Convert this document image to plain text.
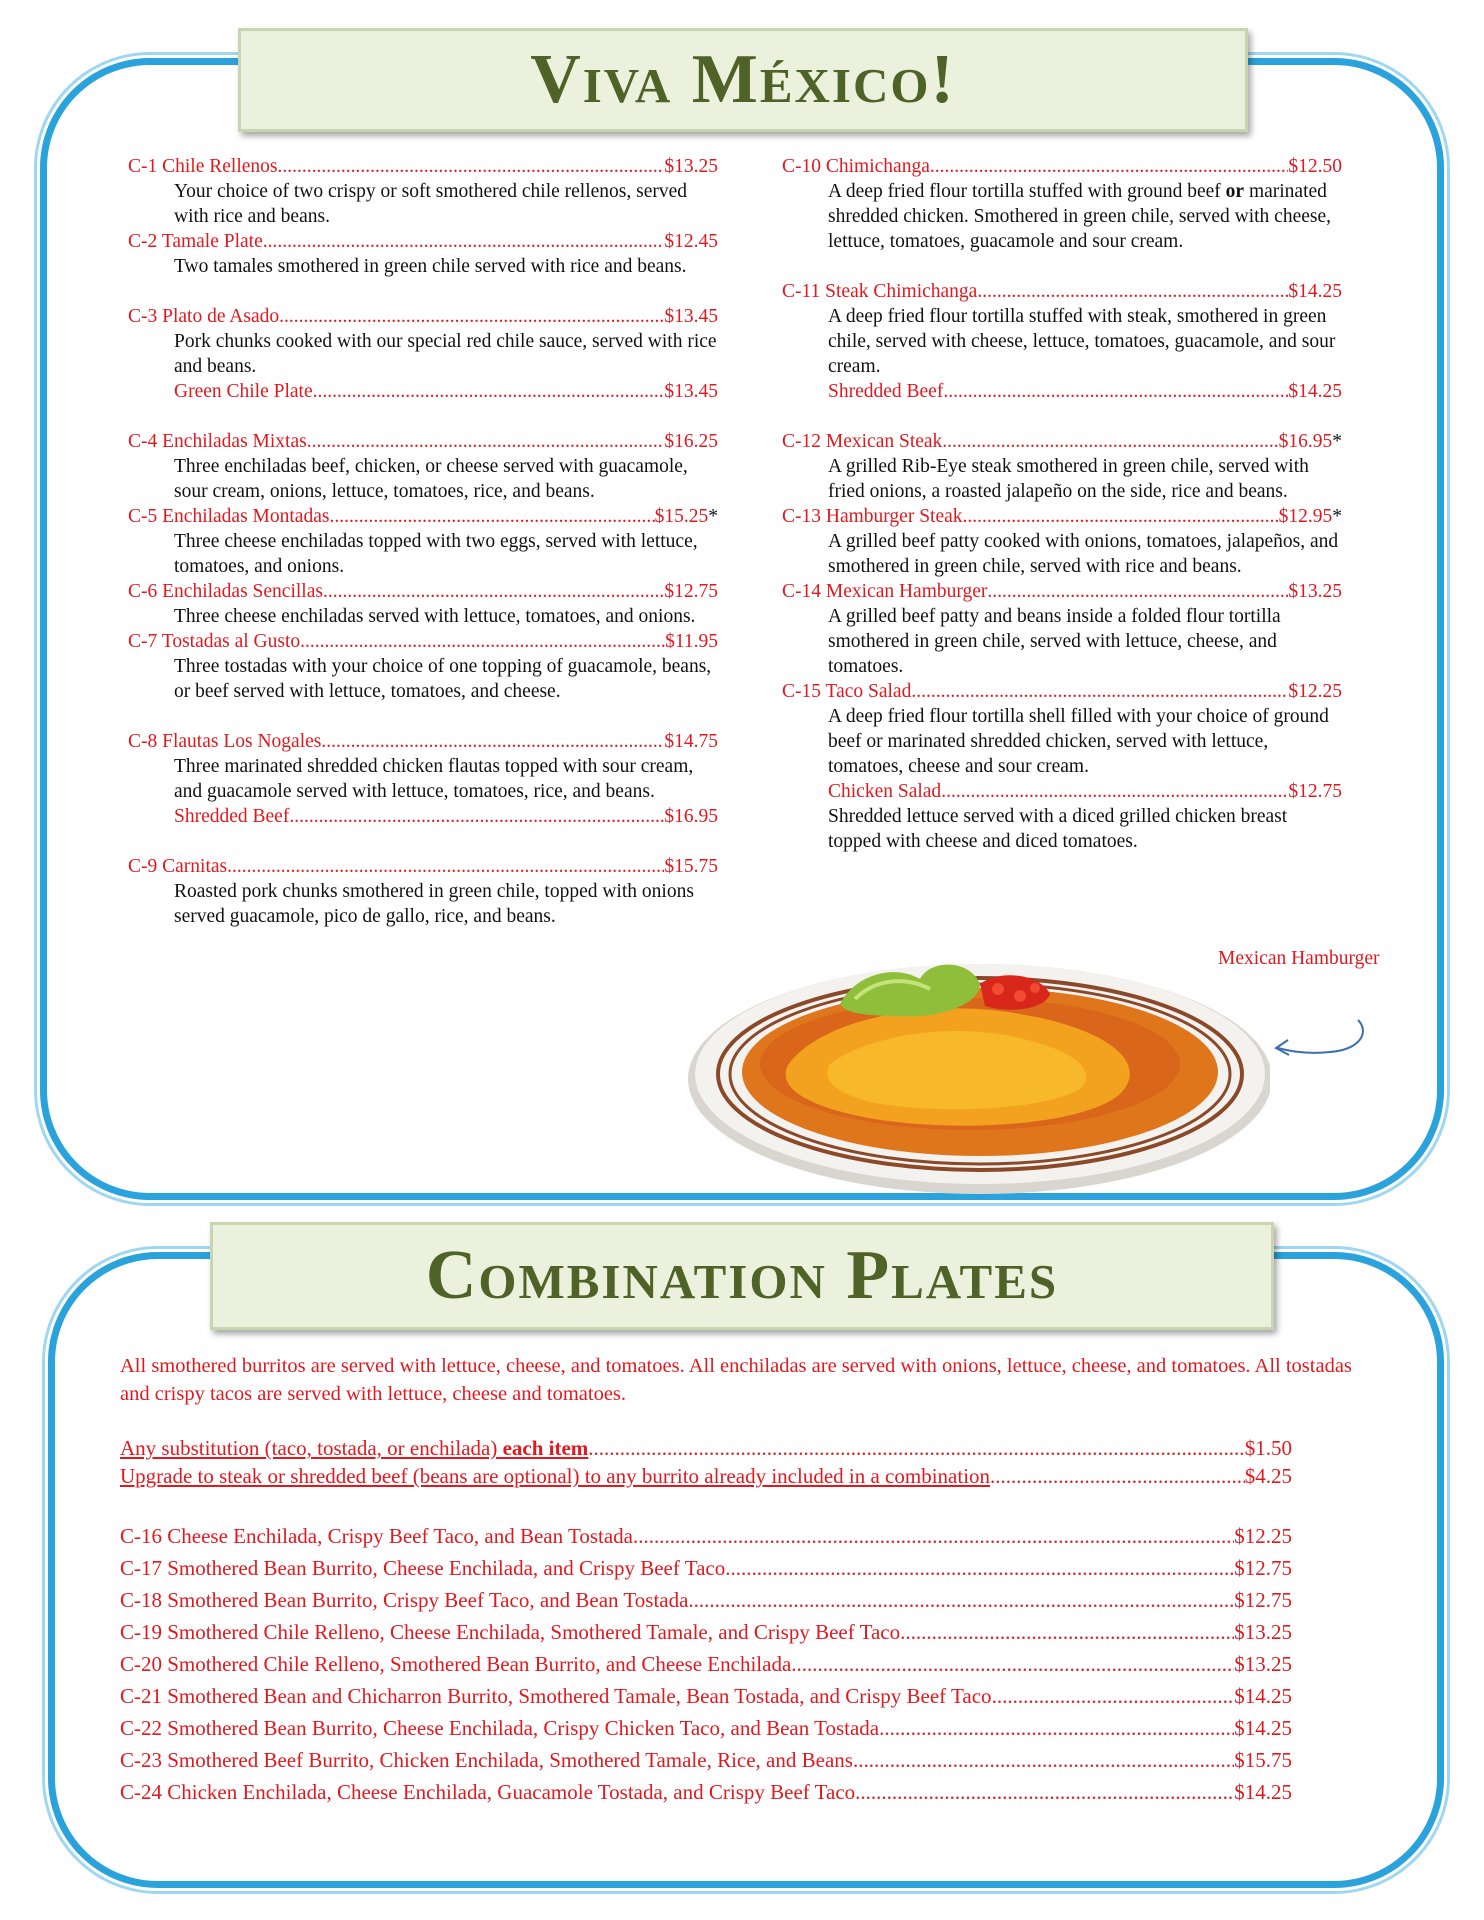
Viva México!
C-1 Chile Rellenos .....	$13.25
Your choice of two crispy or soft smothered chile rellenos, served with rice and beans.
C-2 Tamale Plate .....	$12.45
Two tamales smothered in green chile served with rice and beans.
C-3 Plato de Asado .....	$13.45
Pork chunks cooked with our special red chile sauce, served with rice and beans.
Green Chile Plate .....	$13.45
C-4 Enchiladas Mixtas .....	$16.25
Three enchiladas beef, chicken, or cheese served with guacamole, sour cream, onions, lettuce, tomatoes, rice, and beans.
C-5 Enchiladas Montadas .....	$15.25 *
Three cheese enchiladas topped with two eggs, served with lettuce, tomatoes, and onions.
C-6 Enchiladas Sencillas .....	$12.75
Three cheese enchiladas served with lettuce, tomatoes, and onions.
C-7 Tostadas al Gusto .....	$11.95
Three tostadas with your choice of one topping of guacamole, beans, or beef served with lettuce, tomatoes, and cheese.
C-8 Flautas Los Nogales .....	$14.75
Three marinated shredded chicken flautas topped with sour cream, and guacamole served with lettuce, tomatoes, rice, and beans.
Shredded Beef .....	$16.95
C-9 Carnitas .....	$15.75
Roasted pork chunks smothered in green chile, topped with onions served guacamole, pico de gallo, rice, and beans.
C-10 Chimichanga .....	$12.50
A deep fried flour tortilla stuffed with ground beef or marinated shredded chicken. Smothered in green chile, served with cheese, lettuce, tomatoes, guacamole and sour cream.
C-11 Steak Chimichanga .....	$14.25
A deep fried flour tortilla stuffed with steak, smothered in green chile, served with cheese, lettuce, tomatoes, guacamole, and sour cream.
Shredded Beef .....	$14.25
C-12 Mexican Steak .....	$16.95 *
A grilled Rib-Eye steak smothered in green chile, served with fried onions, a roasted jalapeño on the side, rice and beans.
C-13 Hamburger Steak .....	$12.95 *
A grilled beef patty cooked with onions, tomatoes, jalapeños, and smothered in green chile, served with rice and beans.
C-14 Mexican Hamburger .....	$13.25
A grilled beef patty and beans inside a folded flour tortilla smothered in green chile, served with lettuce, cheese, and tomatoes.
C-15 Taco Salad .....	$12.25
A deep fried flour tortilla shell filled with your choice of ground beef or marinated shredded chicken, served with lettuce, tomatoes, cheese and sour cream.
Chicken Salad .....	$12.75
Shredded lettuce served with a diced grilled chicken breast topped with cheese and diced tomatoes.
Mexican Hamburger
Combination Plates
All smothered burritos are served with lettuce, cheese, and tomatoes. All enchiladas are served with onions, lettuce, cheese, and tomatoes. All tostadas and crispy tacos are served with lettuce, cheese and tomatoes.
Any substitution (taco, tostada, or enchilada) each item .....	$1.50
Upgrade to steak or shredded beef (beans are optional) to any burrito already included in a combination .....	$4.25
C-16 Cheese Enchilada, Crispy Beef Taco, and Bean Tostada .....	$12.25
C-17 Smothered Bean Burrito, Cheese Enchilada, and Crispy Beef Taco .....	$12.75
C-18 Smothered Bean Burrito, Crispy Beef Taco, and Bean Tostada .....	$12.75
C-19 Smothered Chile Relleno, Cheese Enchilada, Smothered Tamale, and Crispy Beef Taco .....	$13.25
C-20 Smothered Chile Relleno, Smothered Bean Burrito, and Cheese Enchilada .....	$13.25
C-21 Smothered Bean and Chicharron Burrito, Smothered Tamale, Bean Tostada, and Crispy Beef Taco .....	$14.25
C-22 Smothered Bean Burrito, Cheese Enchilada, Crispy Chicken Taco, and Bean Tostada .....	$14.25
C-23 Smothered Beef Burrito, Chicken Enchilada, Smothered Tamale, Rice, and Beans .....	$15.75
C-24 Chicken Enchilada, Cheese Enchilada, Guacamole Tostada, and Crispy Beef Taco .....	$14.25
